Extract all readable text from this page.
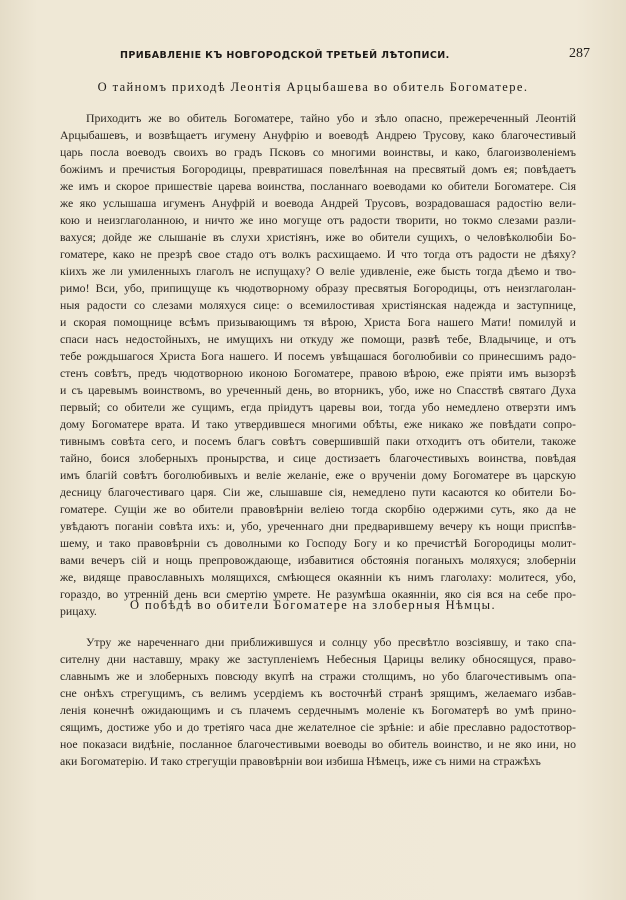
ПРИБАВЛЕНІЕ КЪ НОВГОРОДСКОЙ ТРЕТЬЕЙ ЛѢТОПИСИ.	287
О тайномъ приходѣ Леонтія Арцыбашева во обитель Богоматере.
Приходитъ же во обитель Богоматере, тайно убо и зѣло опасно, прежереченный Леонтій
Арцыбашевъ, и возвѣщаетъ игумену Ануфрію и воеводѣ Андрею Трусову, како благочестивый
царь посла воеводъ своихъ во градъ Псковъ со многими воинствы, и како, благоизволеніемъ
божіимъ и пречистыя Богородицы, превратишася повелѣнная на пресвятый домъ ея; повѣдаетъ
же имъ и скорое пришествіе царева воинства, посланнаго воеводами ко обители Богоматере. Сія
же яко услышаша игуменъ Ануфрій и воевода Андрей Трусовъ, возрадовашася радостію вели-
кою и неизглаголанною, и ничто же ино могуще отъ радости творити, но токмо слезами разли-
вахуся; дойде же слышаніе въ слухи христіянъ, иже во обители сущихъ, о человѣколюбіи Бо-
гоматере, како не презрѣ свое стадо отъ волкъ расхищаемо. И что тогда отъ радости не дѣяху?
кіихъ же ли умиленныхъ глаголъ не испущаху? О веліе удивленіе, еже бысть тогда дѣемо и тво-
римо! Вси, убо, припищуще къ чюдотворному образу пресвятыя Богородицы, отъ неизглаголан-
ныя радости со слезами моляхуся сице: о всемилостивая христіянская надежда и заступнице,
и скорая помощнице всѣмъ призывающимъ тя вѣрою, Христа Бога нашего Мати! помилуй и
спаси насъ недостойныхъ, не имущихъ ни откуду же помощи, развѣ тебе, Владычице, и отъ
тебе рождьшагося Христа Бога нашего. И посемъ увѣщашася боголюбивіи со принесшимъ радо-
стенъ совѣтъ, предъ чюдотворною иконою Богоматере, правою вѣрою, еже пріяти имъ вызорзѣ
и съ царевымъ воинствомъ, во уреченный день, во вторникъ, убо, иже но Спасствѣ святаго Духа
первый; со обители же сущимъ, егда пріидутъ царевы вои, тогда убо немедлено отверзти имъ
дому Богоматере врата. И тако утвердившеся многими обѣты, еже никако же повѣдати сопро-
тивнымъ совѣта сего, и посемъ благъ совѣтъ совершившій паки отходитъ отъ обители, такоже
тайно, боися злоберныхъ пронырства, и сице достизаетъ благочестивыхъ воинства, повѣдая
имъ благій совѣтъ боголюбивыхъ и веліе желаніе, еже о врученіи дому Богоматере въ царскую
десницу благочестиваго царя. Сіи же, слышавше сія, немедлено пути касаются ко обители Бо-
гоматере. Сущіи же во обители правовѣрніи веліею тогда скорбію одержими суть, яко да не
увѣдаютъ поганіи совѣта ихъ: и, убо, уреченнаго дни предварившему вечеру къ нощи приспѣв-
шему, и тако правовѣрніи съ доволными ко Господу Богу и ко пречистѣй Богородицы молит-
вами вечеръ сій и нощь препровождающе, избавитися обстоянія поганыхъ моляхуся; злоберніи
же, видяще православныхъ молящихся, смѣющеся окаяннiи къ нимъ глаголаху: молитеся, убо,
гораздо, во утренній день вси смертію умрете. Не разумѣша окаянніи, яко сія вся на себе про-
рицаху.	О побѣдѣ во обители Богоматере на злоберныя Нѣмцы.
Утру же нареченнаго дни приближившуся и солнцу убо пресвѣтло возсіявшу, и тако спа-
сителну дни наставшу, мраку же заступленіемъ Небесныя Царицы велику обносящуся, право-
славнымъ же и злоберныхъ повсюду вкупѣ на стражи столщимъ, но убо благочестивымъ опа-
сне онѣхъ стрегущимъ, съ велимъ усердіемъ къ восточнѣй странѣ зрящимъ, желаемаго избав-
ленія конечнѣ ожидающимъ и съ плачемъ сердечнымъ моленіе къ Богоматерѣ во умѣ прино-
сящимъ, достиже убо и до третіяго часа дне желателное сіе зрѣніе: и абіе преславно радостотвор-
ное показаси видѣніе, посланное благочестивыми воеводы во обитель воинство, и не яко ини, но
аки Богоматерію. И тако стрегущіи правовѣрніи вои избиша Нѣмецъ, иже съ ними на стражѣхъ
